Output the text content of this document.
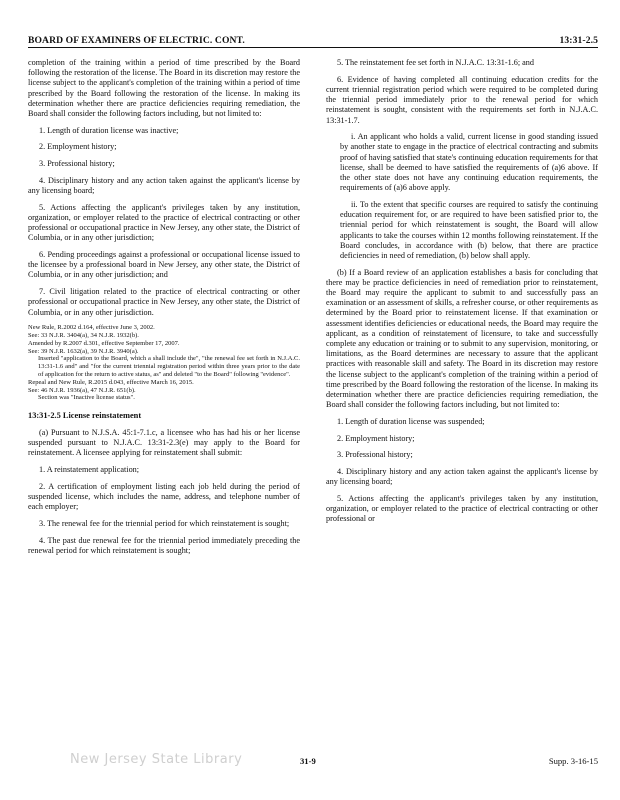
BOARD OF EXAMINERS OF ELECTRIC. CONT.	13:31-2.5

completion of the training within a period of time prescribed by the Board following the restoration of the license. The Board in its discretion may restore the license subject to the applicant's completion of the training within a period of time prescribed by the Board following the restoration of the license. In making its determination whether there are practice deficiencies requiring remediation, the Board shall consider the following factors including, but not limited to:

1. Length of duration license was inactive;

2. Employment history;

3. Professional history;

4. Disciplinary history and any action taken against the applicant's license by any licensing board;

5. Actions affecting the applicant's privileges taken by any institution, organization, or employer related to the practice of electrical contracting or other professional or occupational practice in New Jersey, any other state, the District of Columbia, or in any other jurisdiction;

6. Pending proceedings against a professional or occupational license issued to the licensee by a professional board in New Jersey, any other state, the District of Columbia, or in any other jurisdiction; and

7. Civil litigation related to the practice of electrical contracting or other professional or occupational practice in New Jersey, any other state, the District of Columbia, or in any other jurisdiction.

New Rule, R.2002 d.164, effective June 3, 2002.
See: 33 N.J.R. 3404(a), 34 N.J.R. 1932(b).
Amended by R.2007 d.301, effective September 17, 2007.
See: 39 N.J.R. 1632(a), 39 N.J.R. 3940(a).
Inserted "application to the Board, which a shall include the", "the renewal fee set forth in N.J.A.C. 13:31-1.6 and" and "for the current triennial registration period within three years prior to the date of application for the return to active status, as" and deleted "to the Board" following "evidence".
Repeal and New Rule, R.2015 d.043, effective March 16, 2015.
See: 46 N.J.R. 1936(a), 47 N.J.R. 651(b).
Section was "Inactive license status".
13:31-2.5 License reinstatement

(a) Pursuant to N.J.S.A. 45:1-7.1.c, a licensee who has had his or her license suspended pursuant to N.J.A.C. 13:31-2.3(e) may apply to the Board for reinstatement. A licensee applying for reinstatement shall submit:

1. A reinstatement application;

2. A certification of employment listing each job held during the period of suspended license, which includes the name, address, and telephone number of each employer;

3. The renewal fee for the triennial period for which reinstatement is sought;

4. The past due renewal fee for the triennial period immediately preceding the renewal period for which reinstatement is sought;

5. The reinstatement fee set forth in N.J.A.C. 13:31-1.6; and

6. Evidence of having completed all continuing education credits for the current triennial registration period which were required to be completed during the triennial period immediately prior to the renewal period for which reinstatement is sought, consistent with the requirements set forth in N.J.A.C. 13:31-1.7.

i. An applicant who holds a valid, current license in good standing issued by another state to engage in the practice of electrical contracting and submits proof of having satisfied that state's continuing education requirements for that license, shall be deemed to have satisfied the requirements of (a)6 above. If the other state does not have any continuing education requirements, the requirements of (a)6 above apply.

ii. To the extent that specific courses are required to satisfy the continuing education requirement for, or are required to have been satisfied prior to, the triennial period for which reinstatement is sought, the Board will allow applicants to take the courses within 12 months following reinstatement. If the Board concludes, in accordance with (b) below, that there are practice deficiencies in need of remediation, (b) below shall apply.

(b) If a Board review of an application establishes a basis for concluding that there may be practice deficiencies in need of remediation prior to reinstatement, the Board may require the applicant to submit to and successfully pass an examination or an assessment of skills, a refresher course, or other requirements as determined by the Board prior to reinstatement license. If that examination or assessment identifies deficiencies or educational needs, the Board may require the applicant, as a condition of reinstatement of licensure, to take and successfully complete any education or training or to submit to any supervision, monitoring, or limitations, as the Board determines are necessary to assure that the applicant practices with reasonable skill and safety. The Board in its discretion may restore the license subject to the applicant's completion of the training within a period of time prescribed by the Board following the restoration of the license. In making its determination whether there are practice deficiencies requiring remediation, the Board shall consider the following factors including, but not limited to:

1. Length of duration license was suspended;

2. Employment history;

3. Professional history;

4. Disciplinary history and any action taken against the applicant's license by any licensing board;

5. Actions affecting the applicant's privileges taken by any institution, organization, or employer related to the practice of electrical contracting or other professional or

New Jersey State Library	31-9	Supp. 3-16-15
